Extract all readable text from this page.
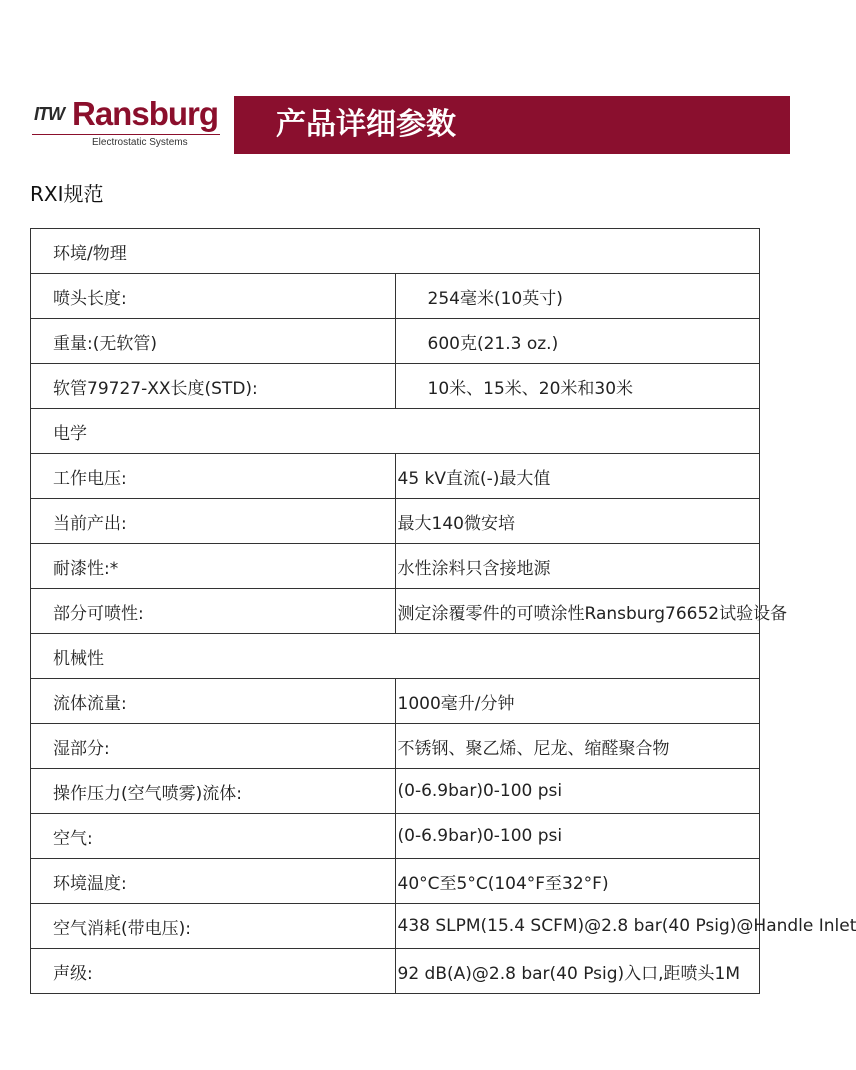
ITW Ransburg
Electrostatic Systems
产品详细参数
RXI规范
环境/物理	
喷头长度:	254毫米(10英寸)
重量:(无软管)	600克(21.3 oz.)
软管79727-XX长度(STD):	10米、15米、20米和30米
电学	
工作电压:	45 kV直流(-)最大值
当前产出:	最大140微安培
耐漆性:*	水性涂料只含接地源
部分可喷性:	测定涂覆零件的可喷涂性Ransburg76652试验设备
机械性	
流体流量:	1000毫升/分钟
湿部分:	不锈钢、聚乙烯、尼龙、缩醛聚合物
操作压力(空气喷雾)流体:	(0-6.9bar)0-100 psi
空气:	(0-6.9bar)0-100 psi
环境温度:	40°C至5°C(104°F至32°F)
空气消耗(带电压):	438 SLPM(15.4 SCFM)@2.8 bar(40 Psig)@Handle Inlet
声级:	92 dB(A)@2.8 bar(40 Psig)入口,距喷头1M
